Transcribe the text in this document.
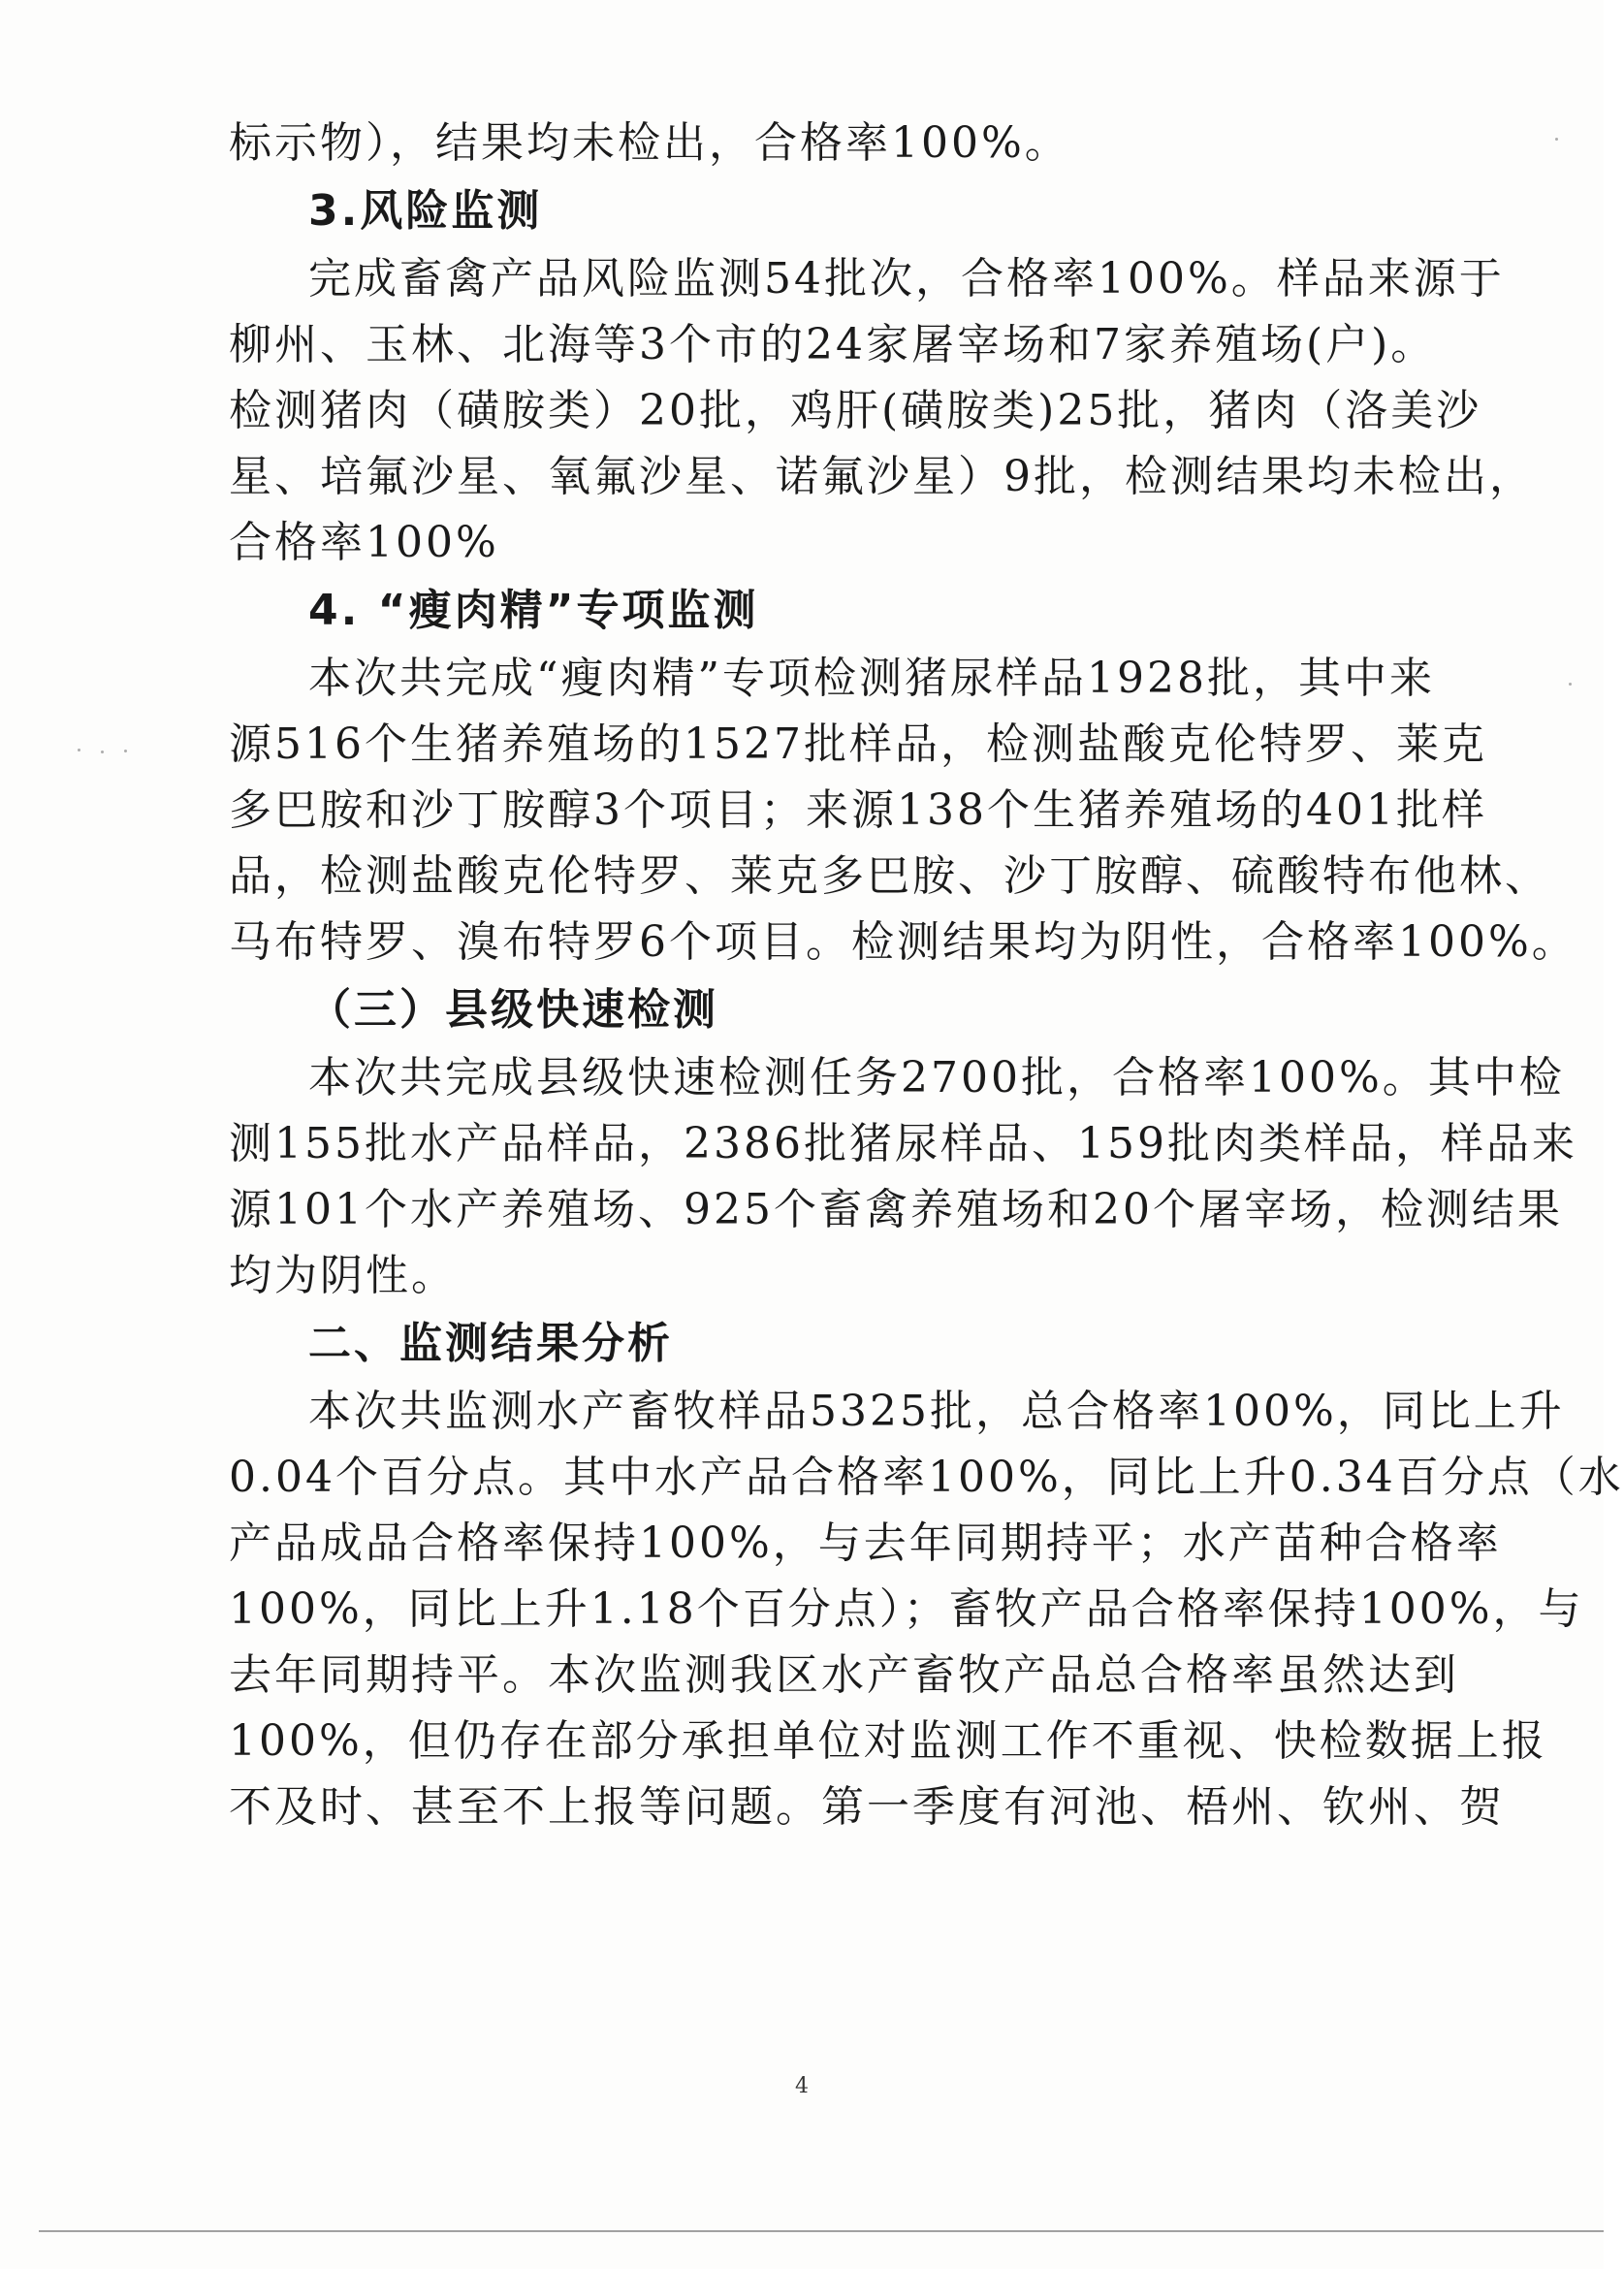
标示物），结果均未检出，合格率100%。
3.风险监测
完成畜禽产品风险监测54批次，合格率100%。样品来源于
柳州、玉林、北海等3个市的24家屠宰场和7家养殖场(户)。
检测猪肉（磺胺类）20批，鸡肝(磺胺类)25批，猪肉（洛美沙
星、培氟沙星、氧氟沙星、诺氟沙星）9批，检测结果均未检出，
合格率100%
4. “瘦肉精”专项监测
本次共完成“瘦肉精”专项检测猪尿样品1928批，其中来
源516个生猪养殖场的1527批样品，检测盐酸克伦特罗、莱克
多巴胺和沙丁胺醇3个项目；来源138个生猪养殖场的401批样
品，检测盐酸克伦特罗、莱克多巴胺、沙丁胺醇、硫酸特布他林、
马布特罗、溴布特罗6个项目。检测结果均为阴性，合格率100%。
（三）县级快速检测
本次共完成县级快速检测任务2700批，合格率100%。其中检
测155批水产品样品，2386批猪尿样品、159批肉类样品，样品来
源101个水产养殖场、925个畜禽养殖场和20个屠宰场，检测结果
均为阴性。
二、监测结果分析
本次共监测水产畜牧样品5325批，总合格率100%，同比上升
0.04个百分点。其中水产品合格率100%，同比上升0.34百分点（水
产品成品合格率保持100%，与去年同期持平；水产苗种合格率
100%，同比上升1.18个百分点）；畜牧产品合格率保持100%，与
去年同期持平。本次监测我区水产畜牧产品总合格率虽然达到
100%，但仍存在部分承担单位对监测工作不重视、快检数据上报
不及时、甚至不上报等问题。第一季度有河池、梧州、钦州、贺
4
